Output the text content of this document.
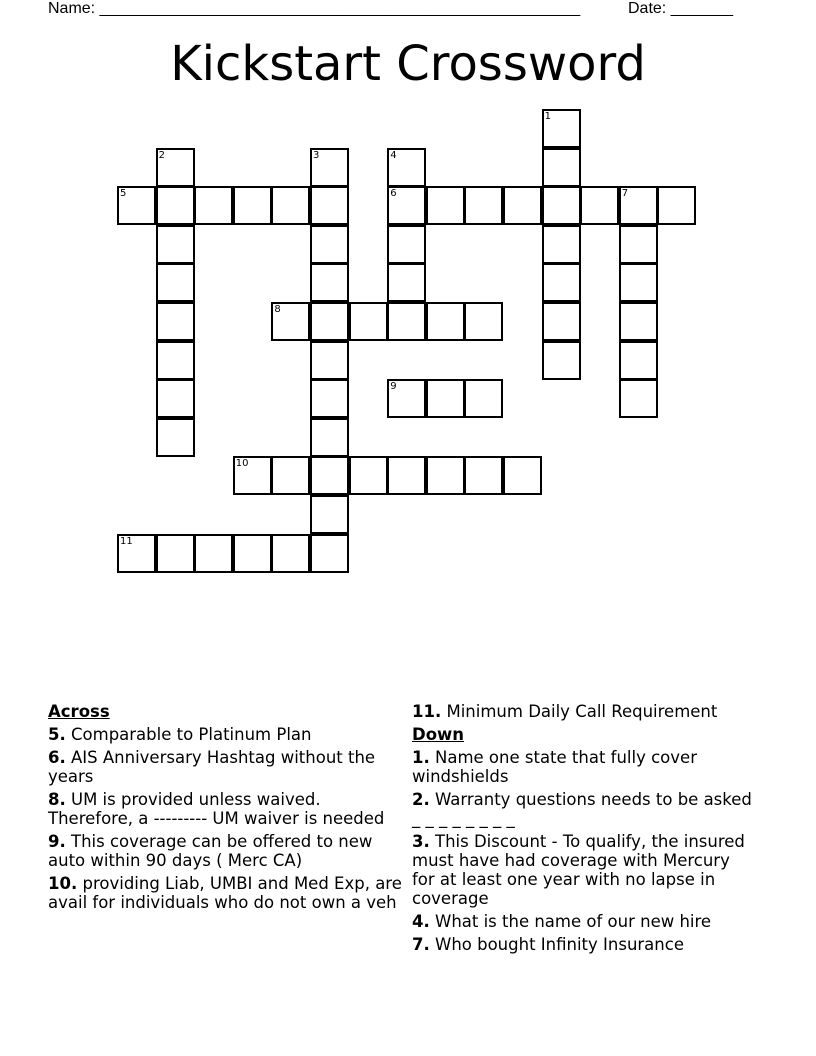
Name: ______________________________________________________	Date: _______
Kickstart Crossword
1
2	3	4
6
5	7
8
9
10
11
Across
5. Comparable to Platinum Plan
6. AIS Anniversary Hashtag without the years
8. UM is provided unless waived. Therefore, a --------- UM waiver is needed
9. This coverage can be offered to new auto within 90 days ( Merc CA)
10. providing Liab, UMBI and Med Exp, are avail for individuals who do not own a veh
11. Minimum Daily Call Requirement
Down
1. Name one state that fully cover windshields
2. Warranty questions needs to be asked _ _ _ _ _ _ _ _
3. This Discount - To qualify, the insured must have had coverage with Mercury for at least one year with no lapse in coverage
4. What is the name of our new hire
7. Who bought Infinity Insurance
